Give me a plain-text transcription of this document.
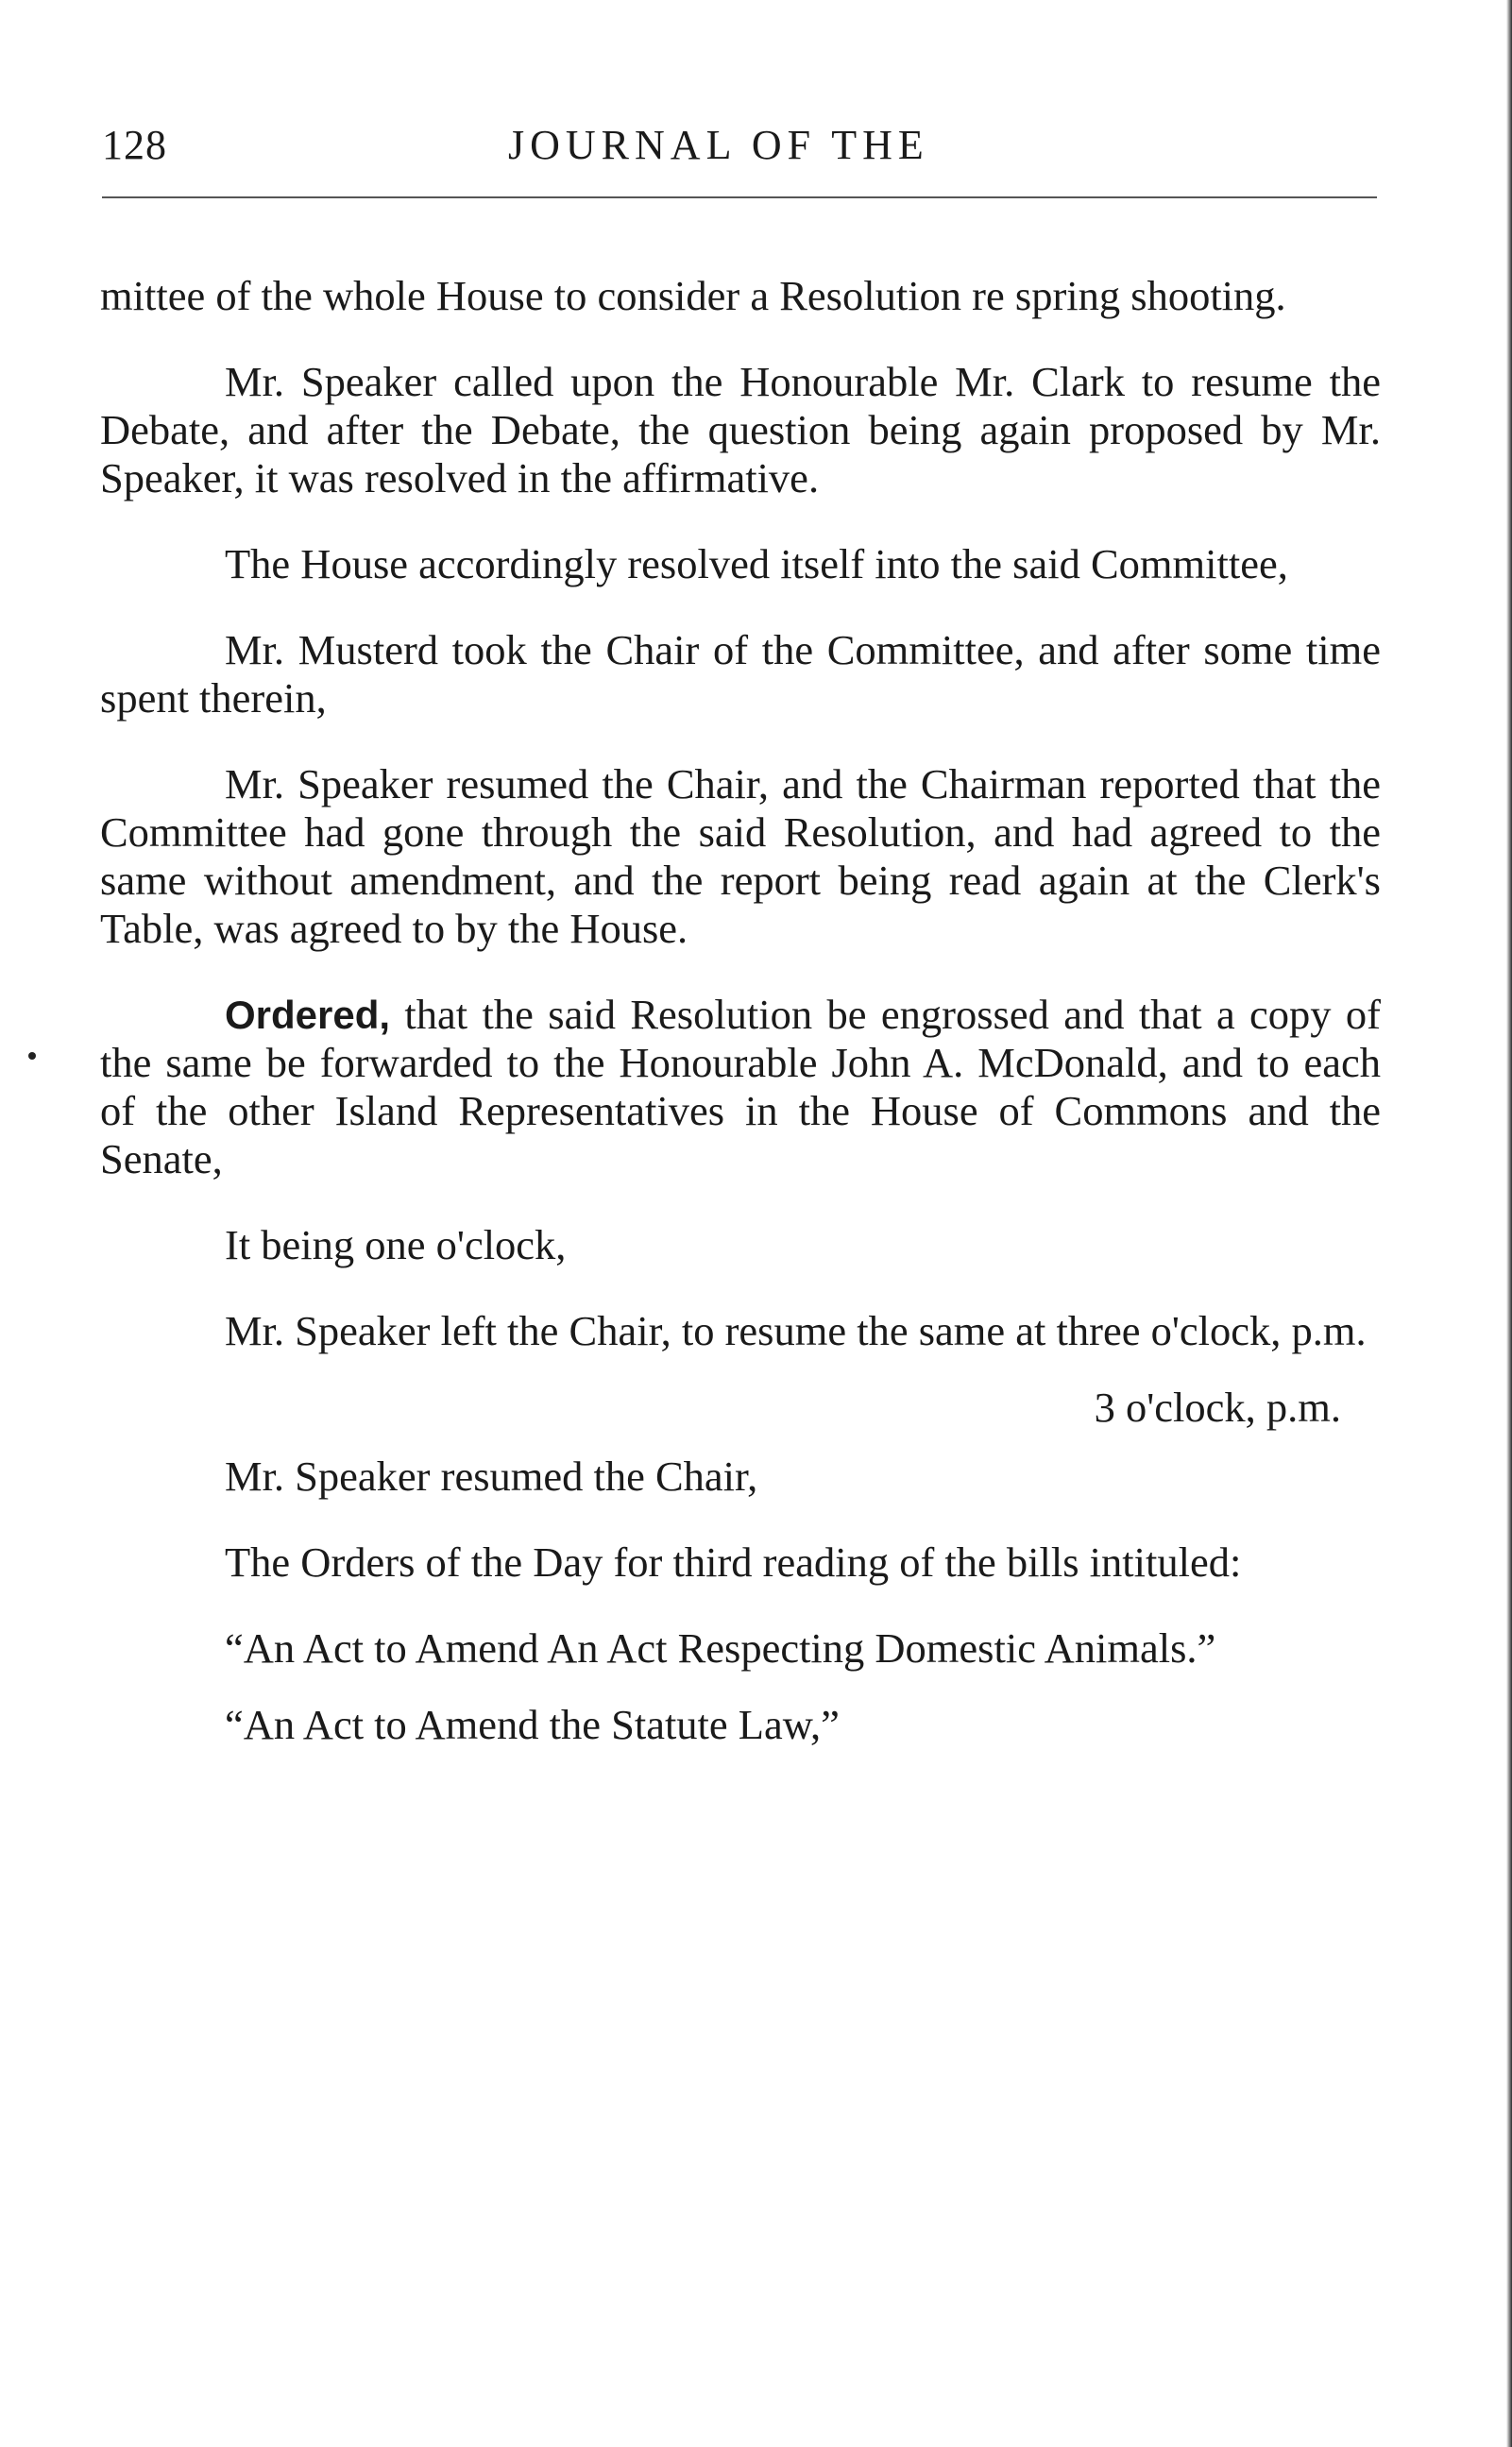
128	JOURNAL OF THE

mittee of the whole House to consider a Resolution re spring shooting.

Mr. Speaker called upon the Honourable Mr. Clark to resume the Debate, and after the Debate, the question being again proposed by Mr. Speaker, it was resolved in the affirmative.

The House accordingly resolved itself into the said Committee,

Mr. Musterd took the Chair of the Committee, and after some time spent therein,

Mr. Speaker resumed the Chair, and the Chairman reported that the Committee had gone through the said Resolution, and had agreed to the same without amendment, and the report being read again at the Clerk's Table, was agreed to by the House.

Ordered, that the said Resolution be engrossed and that a copy of the same be forwarded to the Honourable John A. McDonald, and to each of the other Island Representatives in the House of Commons and the Senate,

It being one o'clock,

Mr. Speaker left the Chair, to resume the same at three o'clock, p.m.

3 o'clock, p.m.

Mr. Speaker resumed the Chair,

The Orders of the Day for third reading of the bills intituled:

“An Act to Amend An Act Respecting Domestic Animals.”

“An Act to Amend the Statute Law,”
